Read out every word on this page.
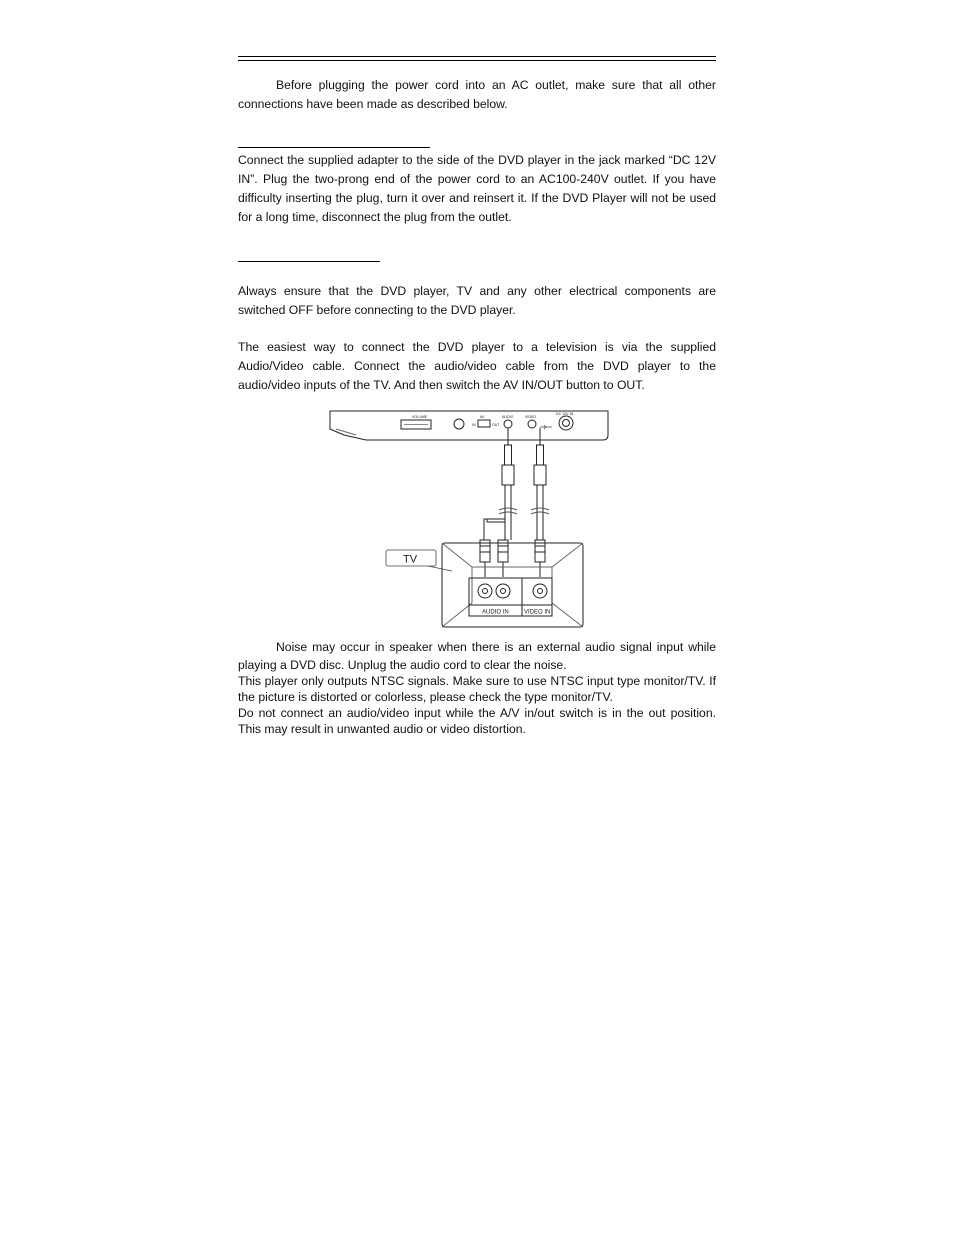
Before plugging the power cord into an AC outlet, make sure that all other connections have been made as described below.
Connect the supplied adapter to the side of the DVD player in the jack marked “DC 12V IN”. Plug the two-prong end of the power cord to an AC100-240V outlet. If you have difficulty inserting the plug, turn it over and reinsert it. If the DVD Player will not be used for a long time, disconnect the plug from the outlet.
Always ensure that the DVD player, TV and any other electrical components are switched OFF before connecting to the DVD player.
The easiest way to connect the DVD player to a television is via the supplied Audio/Video cable. Connect the audio/video cable from the DVD player to the audio/video inputs of the TV. And then switch the AV IN/OUT button to OUT.
VOLUME	AV
IN	OUT
AUDIO	VIDEO
DC 12V IN
AUDIO IN	VIDEO IN
TV
Noise may occur in speaker when there is an external audio signal input while playing a DVD disc. Unplug the audio cord to clear the noise.
This player only outputs NTSC signals. Make sure to use NTSC input type monitor/TV. If the picture is distorted or colorless, please check the type monitor/TV.
Do not connect an audio/video input while the A/V in/out switch is in the out position. This may result in unwanted audio or video distortion.
